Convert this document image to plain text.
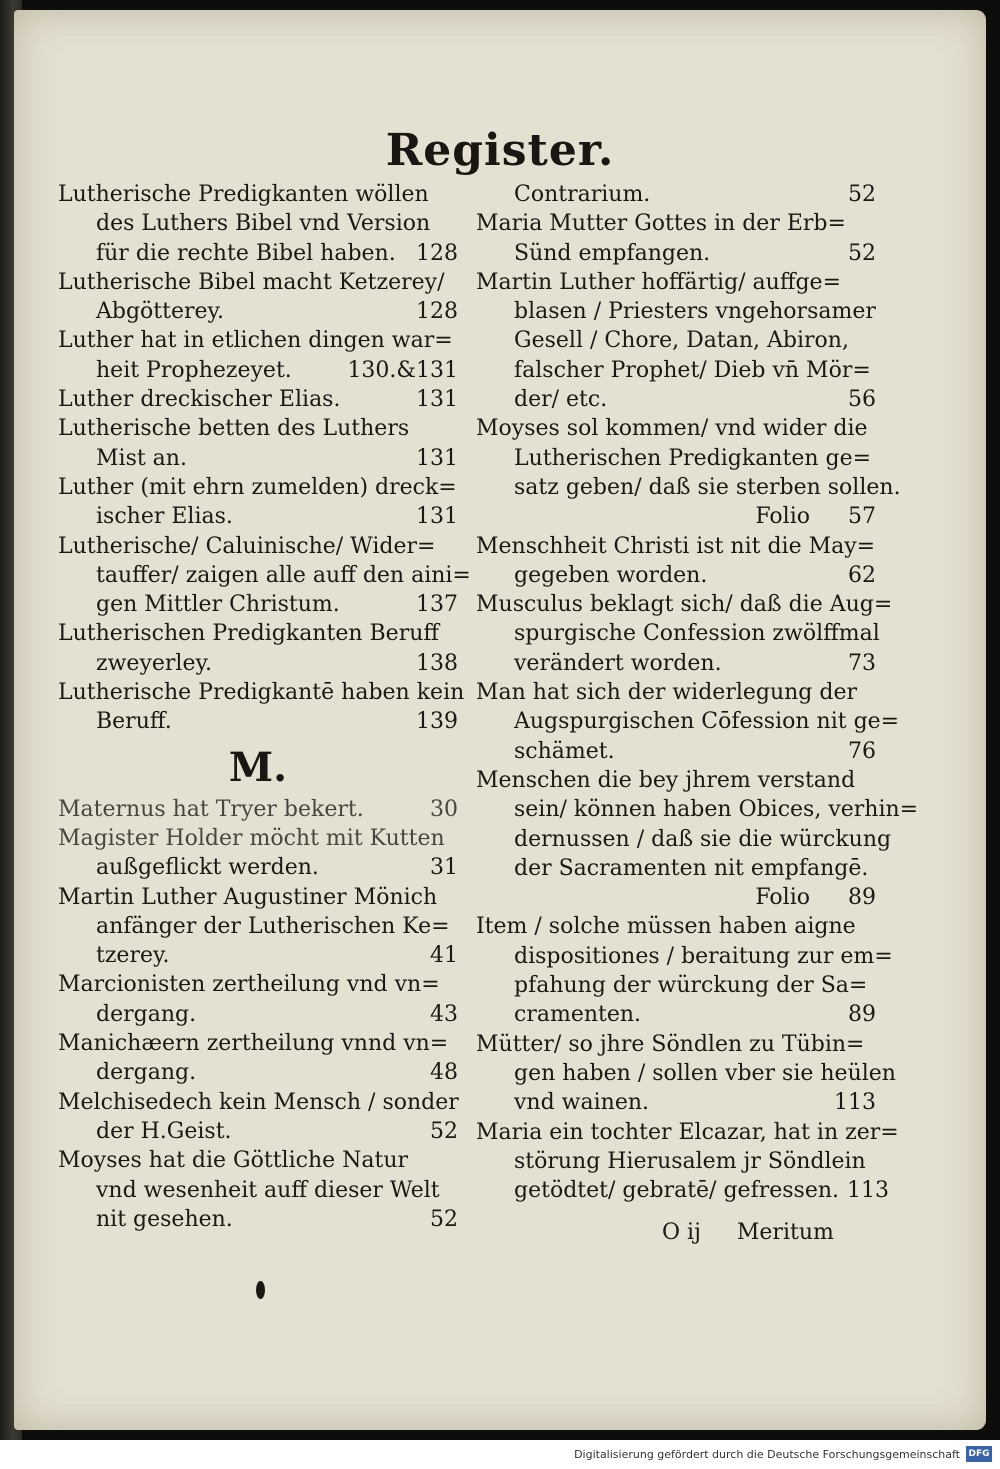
Register.
Lutherische Predigkanten wöllen
des Luthers Bibel vnd Version
für die rechte Bibel haben. 128
Lutherische Bibel macht Ketzerey/
Abgötterey.	128
Luther hat in etlichen dingen war=
heit Prophezeyet.	130.&131
Luther dreckischer Elias.	131
Lutherische betten des Luthers
Mist an.	131
Luther (mit ehrn zumelden) dreck=
ischer Elias.	131
Lutherische/ Caluinische/ Wider=
tauffer/ zaigen alle auff den aini=
gen Mittler Christum.	137
Lutherischen Predigkanten Beruff
zweyerley.	138
Lutherische Predigkantē haben kein
Beruff.	139
M.
Maternus hat Tryer bekert.	30
Magister Holder möcht mit Kutten
außgeflickt werden.	31
Martin Luther Augustiner Mönich
anfänger der Lutherischen Ke=
tzerey.	41
Marcionisten zertheilung vnd vn=
dergang.	43
Manichæern zertheilung vnnd vn=
dergang.	48
Melchisedech kein Mensch / sonder
der H.Geist.	52
Moyses hat die Göttliche Natur
vnd wesenheit auff dieser Welt
nit gesehen.	52
Contrarium.	52
Maria Mutter Gottes in der Erb=
Sünd empfangen.	52
Martin Luther hoffärtig/ auffge=
blasen / Priesters vngehorsamer
Gesell / Chore, Datan, Abiron,
falscher Prophet/ Dieb vn̄ Mör=
der/ etc.	56
Moyses sol kommen/ vnd wider die
Lutherischen Predigkanten ge=
satz geben/ daß sie sterben sollen.
Folio	57
Menschheit Christi ist nit die May=
gegeben worden.	62
Musculus beklagt sich/ daß die Aug=
spurgische Confession zwölffmal
verändert worden.	73
Man hat sich der widerlegung der
Augspurgischen Cōfession nit ge=
schämet.	76
Menschen die bey jhrem verstand
sein/ können haben Obices, verhin=
dernussen / daß sie die würckung
der Sacramenten nit empfangē.
Folio	89
Item / solche müssen haben aigne
dispositiones / beraitung zur em=
pfahung der würckung der Sa=
cramenten.	89
Mütter/ so jhre Söndlen zu Tübin=
gen haben / sollen vber sie heülen
vnd wainen.	113
Maria ein tochter Elcazar, hat in zer=
störung Hierusalem jr Söndlein
getödtet/ gebratē/ gefressen. 113
O ij Meritum
Digitalisierung gefördert durch die Deutsche Forschungsgemeinschaft DFG
